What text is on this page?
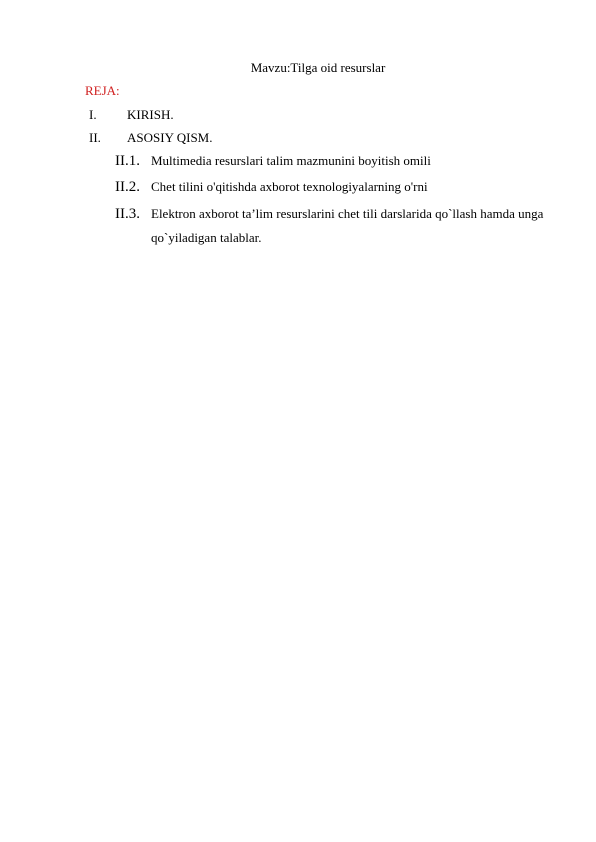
Mavzu:Tilga oid resurslar
REJA:
I. KIRISH.
II. ASOSIY QISM.
II.1. Multimedia resurslari talim mazmunini boyitish omili
II.2. Chet tilini o'qitishda axborot texnologiyalarning o'rni
II.3. Elektron axborot ta’lim resurslarini chet tili darslarida qo`llash hamda unga qo`yiladigan talablar.
